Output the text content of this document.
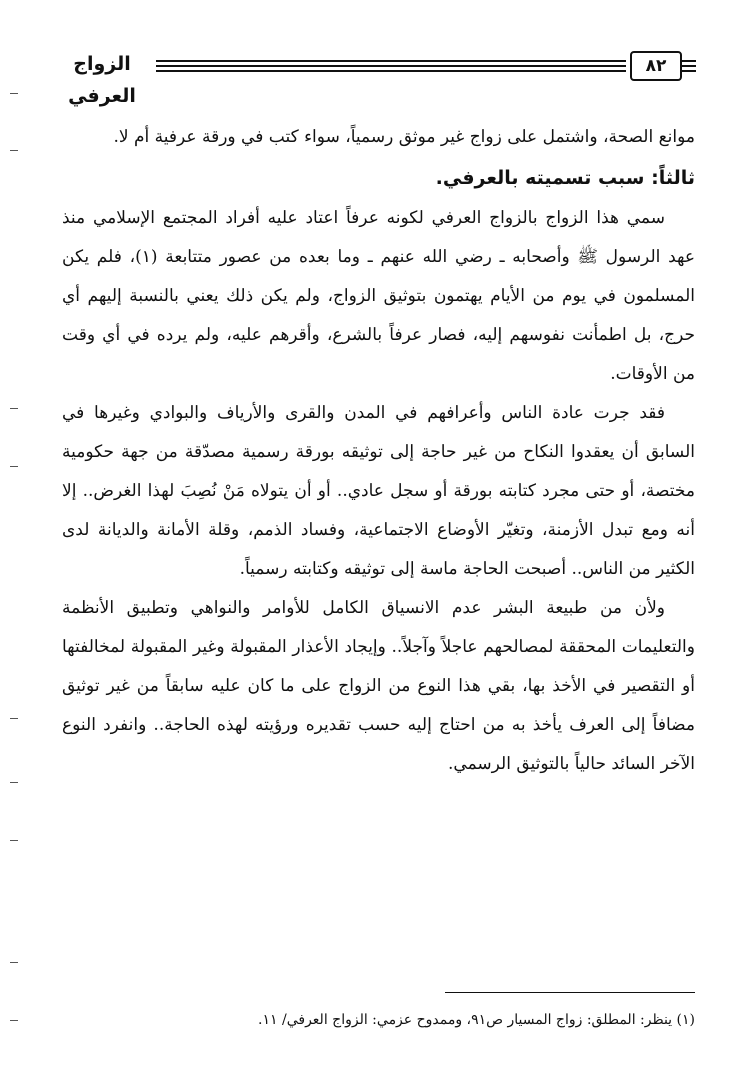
الزواج العرفي
٨٢

موانع الصحة، واشتمل على زواج غير موثق رسمياً، سواء كتب في ورقة عرفية أم لا.

ثالثاً: سبب تسميته بالعرفي.

سمي هذا الزواج بالزواج العرفي لكونه عرفاً اعتاد عليه أفراد المجتمع الإسلامي منذ عهد الرسول ﷺ وأصحابه ـ رضي الله عنهم ـ وما بعده من عصور متتابعة (١)، فلم يكن المسلمون في يوم من الأيام يهتمون بتوثيق الزواج، ولم يكن ذلك يعني بالنسبة إليهم أي حرج، بل اطمأنت نفوسهم إليه، فصار عرفاً بالشرع، وأقرهم عليه، ولم يرده في أي وقت من الأوقات.

فقد جرت عادة الناس وأعرافهم في المدن والقرى والأرياف والبوادي وغيرها في السابق أن يعقدوا النكاح من غير حاجة إلى توثيقه بورقة رسمية مصدّقة من جهة حكومية مختصة، أو حتى مجرد كتابته بورقة أو سجل عادي.. أو أن يتولاه مَنْ نُصِبَ لهذا الغرض.. إلا أنه ومع تبدل الأزمنة، وتغيّر الأوضاع الاجتماعية، وفساد الذمم، وقلة الأمانة والديانة لدى الكثير من الناس.. أصبحت الحاجة ماسة إلى توثيقه وكتابته رسمياً.

ولأن من طبيعة البشر عدم الانسياق الكامل للأوامر والنواهي وتطبيق الأنظمة والتعليمات المحققة لمصالحهم عاجلاً وآجلاً.. وإيجاد الأعذار المقبولة وغير المقبولة لمخالفتها أو التقصير في الأخذ بها، بقي هذا النوع من الزواج على ما كان عليه سابقاً من غير توثيق مضافاً إلى العرف يأخذ به من احتاج إليه حسب تقديره ورؤيته لهذه الحاجة.. وانفرد النوع الآخر السائد حالياً بالتوثيق الرسمي.

(١) ينظر: المطلق: زواج المسيار ص٩١، وممدوح عزمي: الزواج العرفي/ ١١.
